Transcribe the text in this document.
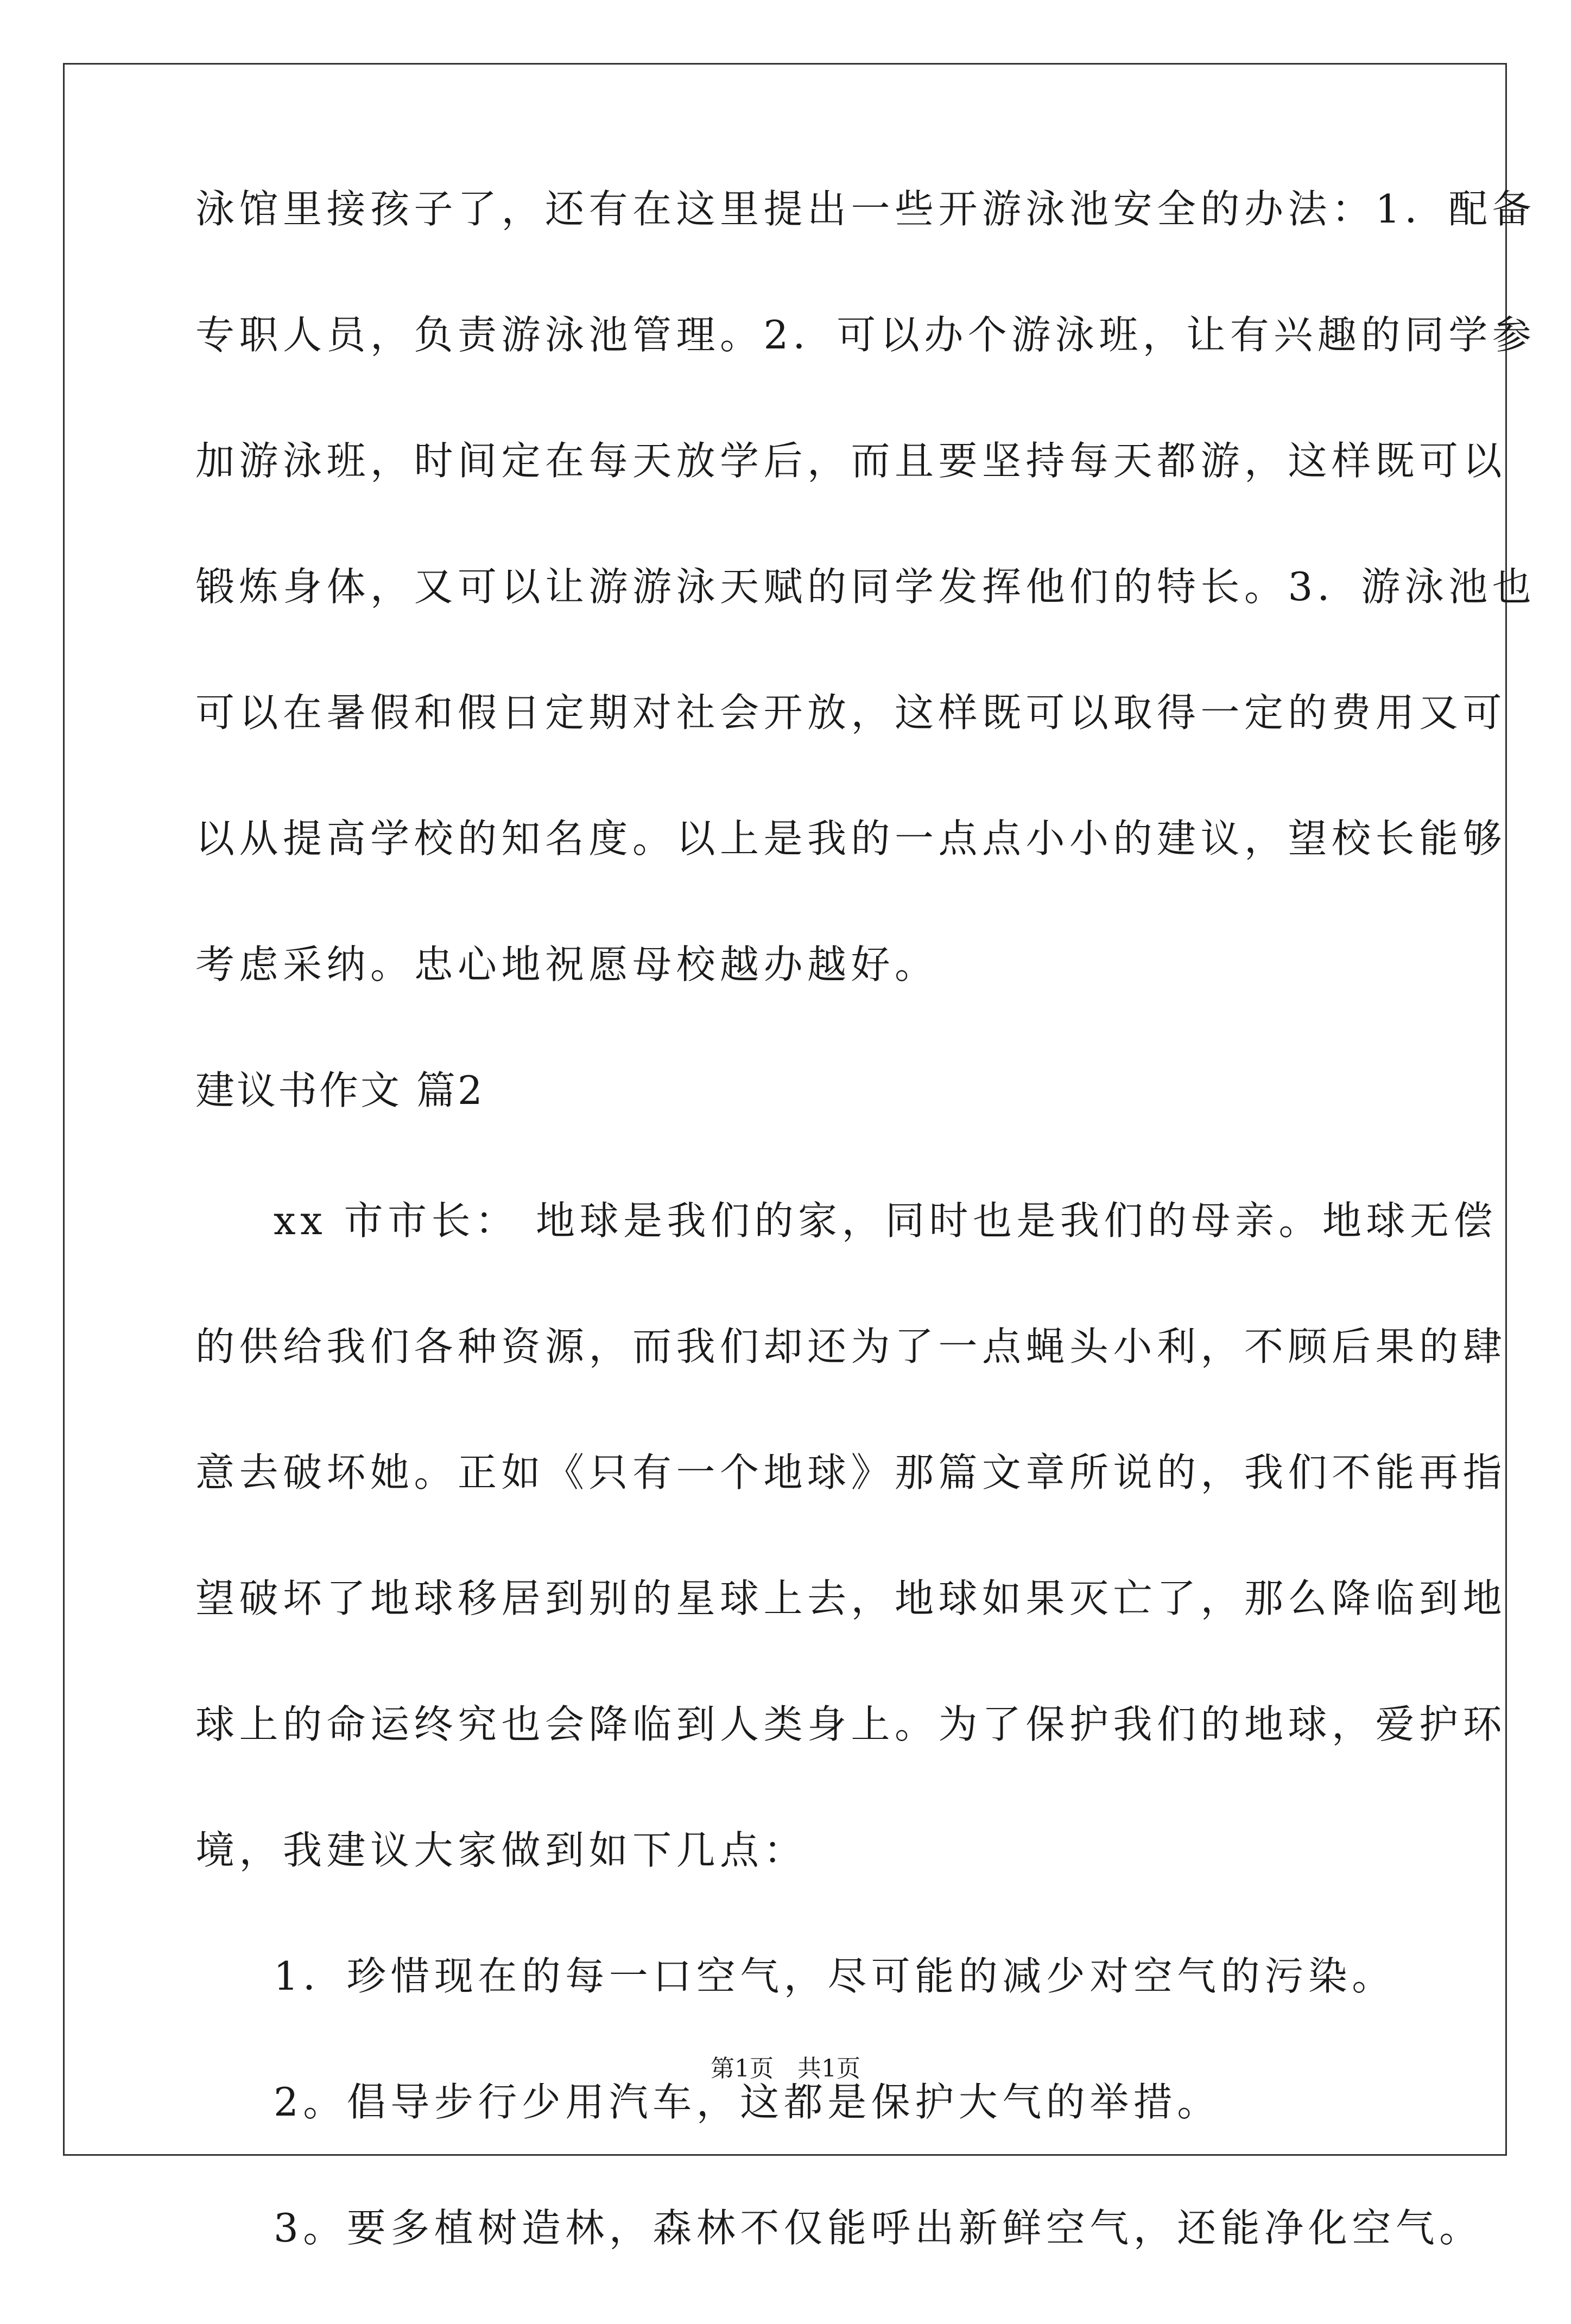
泳馆里接孩子了，还有在这里提出一些开游泳池安全的办法：1．配备
专职人员，负责游泳池管理。2．可以办个游泳班，让有兴趣的同学参
加游泳班，时间定在每天放学后，而且要坚持每天都游，这样既可以
锻炼身体，又可以让游游泳天赋的同学发挥他们的特长。3．游泳池也
可以在暑假和假日定期对社会开放，这样既可以取得一定的费用又可
以从提高学校的知名度。以上是我的一点点小小的建议，望校长能够
考虑采纳。忠心地祝愿母校越办越好。
建议书作文 篇2
xx 市市长： 地球是我们的家，同时也是我们的母亲。地球无偿
的供给我们各种资源，而我们却还为了一点蝇头小利，不顾后果的肆
意去破坏她。正如《只有一个地球》那篇文章所说的，我们不能再指
望破坏了地球移居到别的星球上去，地球如果灭亡了，那么降临到地
球上的命运终究也会降临到人类身上。为了保护我们的地球，爱护环
境，我建议大家做到如下几点：
1．珍惜现在的每一口空气，尽可能的减少对空气的污染。
2。倡导步行少用汽车，这都是保护大气的举措。
3。要多植树造林，森林不仅能呼出新鲜空气，还能净化空气。
第1页　共1页
